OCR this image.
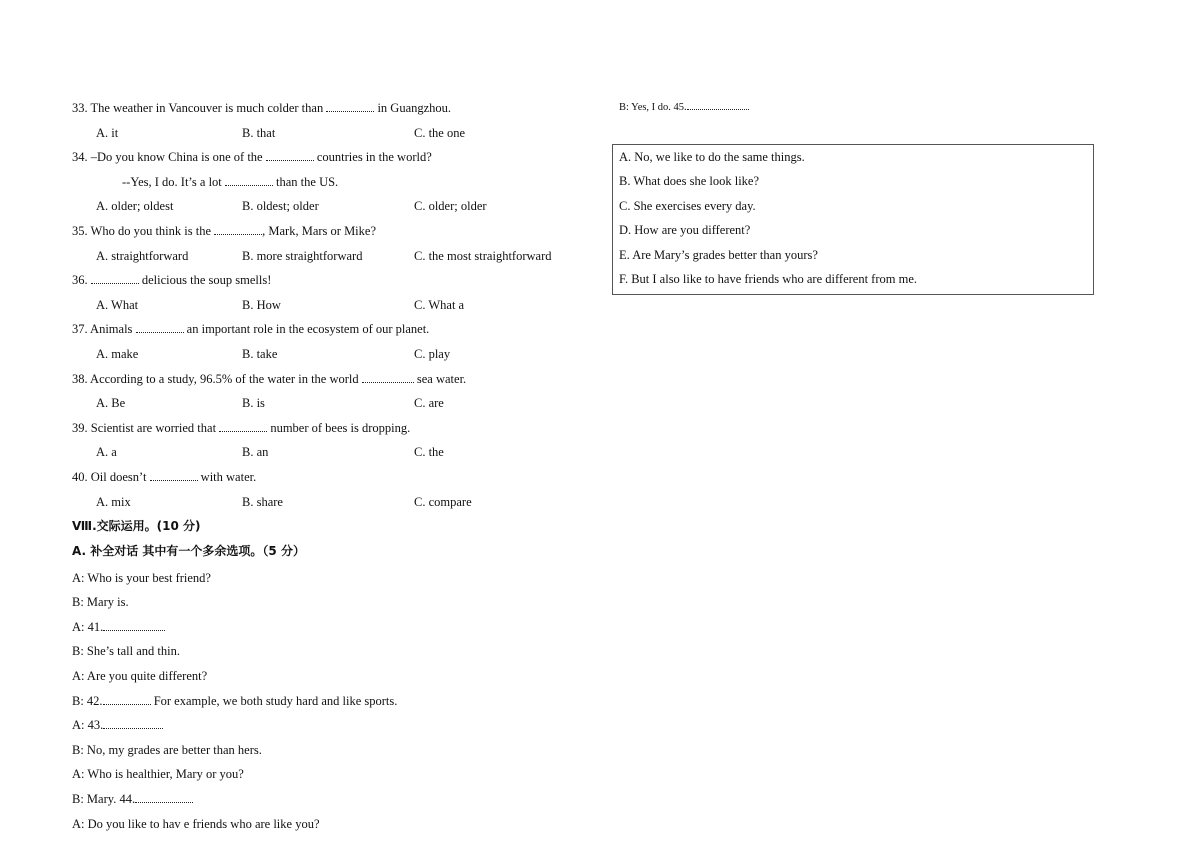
33. The weather in Vancouver is much colder than	in Guangzhou.
A. it	B. that	C. the one
34. –Do you know China is one of the	countries in the world?
--Yes, I do. It’s a lot	than the US.
A. older; oldest	B. oldest; older	C. older; older
35. Who do you think is the	, Mark, Mars or Mike?
A. straightforward	B. more straightforward	C. the most straightforward
36.	delicious the soup smells!
A. What	B. How	C. What a
37. Animals	an important role in the ecosystem of our planet.
A. make	B. take	C. play
38. According to a study, 96.5% of the water in the world	sea water.
A. Be	B. is	C. are
39. Scientist are worried that	number of bees is dropping.
A. a	B. an	C. the
40. Oil doesn’t	with water.
A. mix	B. share	C. compare
Ⅷ.交际运用。(10 分)
A. 补全对话 其中有一个多余选项。（5 分）
A: Who is your best friend?
B: Mary is.
A: 41.
B: She’s tall and thin.
A: Are you quite different?
B: 42.	For example, we both study hard and like sports.
A: 43.
B: No, my grades are better than hers.
A: Who is healthier, Mary or you?
B: Mary. 44.
A: Do you like to hav e friends who are like you?
B: Yes, I do. 45.
A. No, we like to do the same things.
B. What does she look like?
C. She exercises every day.
D. How are you different?
E. Are Mary’s grades better than yours?
F. But I also like to have friends who are different from me.
